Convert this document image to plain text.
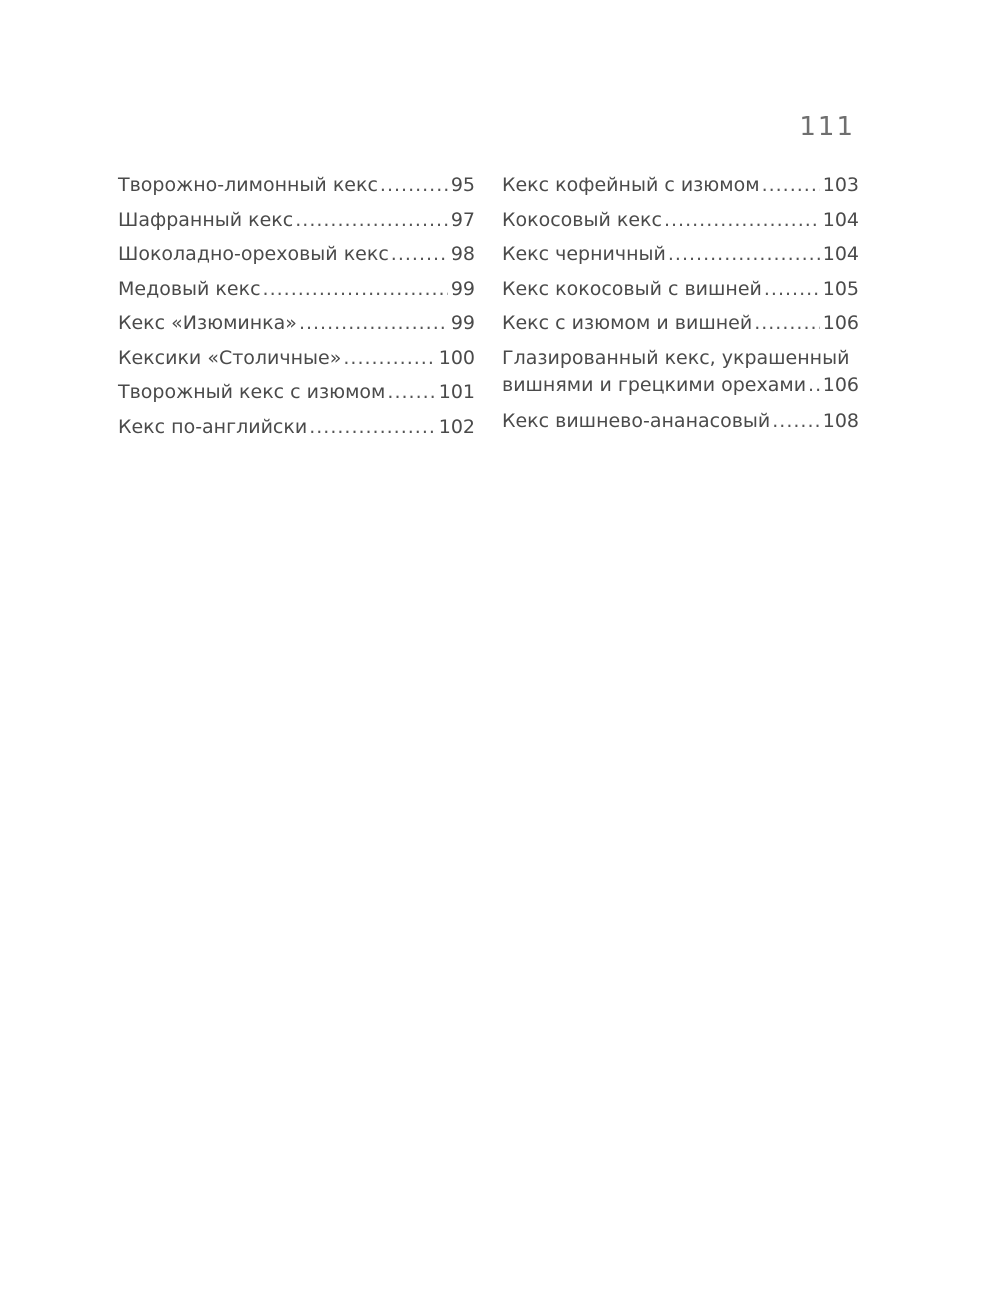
111
Творожно-лимонный кекс .....	95
Шафранный кекс .....	97
Шоколадно-ореховый кекс .....	98
Медовый кекс .....	99
Кекс «Изюминка» .....	99
Кексики «Столичные» .....	100
Творожный кекс с изюмом .....	101
Кекс по-английски .....	102
Кекс кофейный с изюмом .....	103
Кокосовый кекс .....	104
Кекс черничный .....	104
Кекс кокосовый с вишней .....	105
Кекс с изюмом и вишней .....	106
Глазированный кекс, украшенный
вишнями и грецкими орехами ..... 106
Кекс вишнево-ананасовый .....	108
